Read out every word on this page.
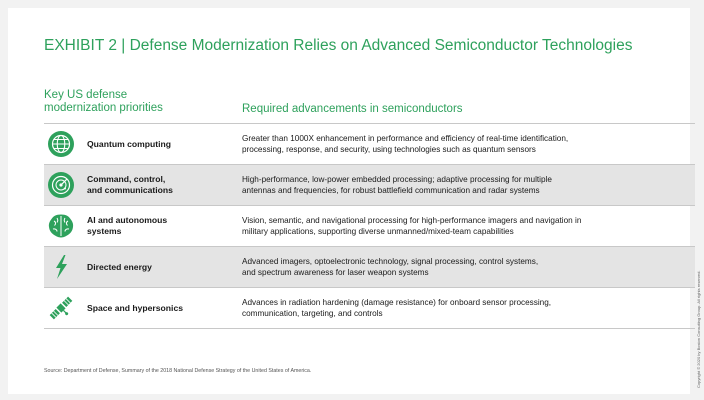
EXHIBIT 2 | Defense Modernization Relies on Advanced Semiconductor Technologies
Key US defense
modernization priorities	Required advancements in semiconductors
Quantum computing
Greater than 1000X enhancement in performance and efficiency of real-time identification,
processing, response, and security, using technologies such as quantum sensors
Command, control,
and communications
High-performance, low-power embedded processing; adaptive processing for multiple
antennas and frequencies, for robust battlefield communication and radar systems
AI and autonomous
systems
Vision, semantic, and navigational processing for high-performance imagers and navigation in
military applications, supporting diverse unmanned/mixed-team capabilities
Directed energy
Advanced imagers, optoelectronic technology, signal processing, control systems,
and spectrum awareness for laser weapon systems
Space and hypersonics
Advances in radiation hardening (damage resistance) for onboard sensor processing,
communication, targeting, and controls
Source: Department of Defense, Summary of the 2018 National Defense Strategy of the United States of America.	Copyright © 2020 by Boston Consulting Group. All rights reserved.
